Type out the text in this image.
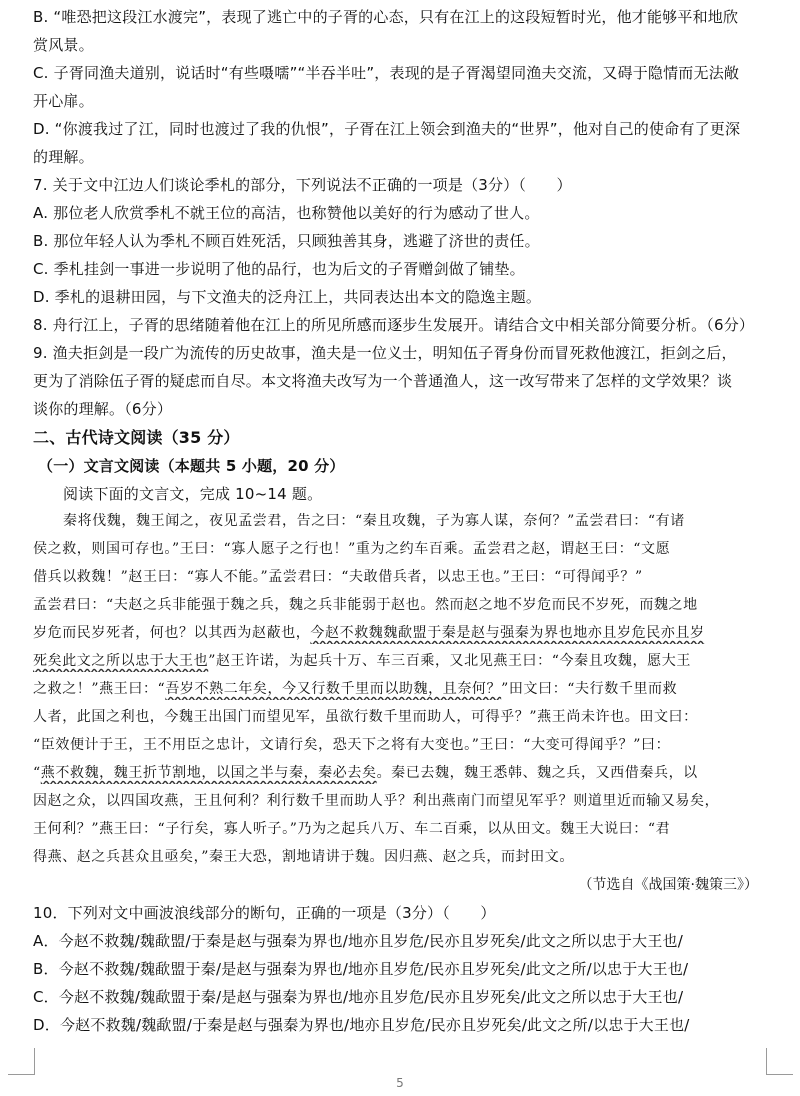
B. “唯恐把这段江水渡完”，表现了逃亡中的子胥的心态，只有在江上的这段短暂时光，他才能够平和地欣
赏风景。
C. 子胥同渔夫道别，说话时“有些嗫嚅”“半吞半吐”，表现的是子胥渴望同渔夫交流，又碍于隐情而无法敞
开心扉。
D. “你渡我过了江，同时也渡过了我的仇恨”，子胥在江上领会到渔夫的“世界”，他对自己的使命有了更深
的理解。
7. 关于文中江边人们谈论季札的部分，下列说法不正确的一项是（3分）（　　）
A. 那位老人欣赏季札不就王位的高洁，也称赞他以美好的行为感动了世人。
B. 那位年轻人认为季札不顾百姓死活，只顾独善其身，逃避了济世的责任。
C. 季札挂剑一事进一步说明了他的品行，也为后文的子胥赠剑做了铺垫。
D. 季札的退耕田园，与下文渔夫的泛舟江上，共同表达出本文的隐逸主题。
8. 舟行江上，子胥的思绪随着他在江上的所见所感而逐步生发展开。请结合文中相关部分简要分析。（6分）
9. 渔夫拒剑是一段广为流传的历史故事，渔夫是一位义士，明知伍子胥身份而冒死救他渡江，拒剑之后，
更为了消除伍子胥的疑虑而自尽。本文将渔夫改写为一个普通渔人，这一改写带来了怎样的文学效果？谈
谈你的理解。（6分）
二、古代诗文阅读（35 分）
（一）文言文阅读（本题共 5 小题，20 分）
阅读下面的文言文，完成 10~14 题。
秦将伐魏，魏王闻之，夜见孟尝君，告之曰：“秦且攻魏，子为寡人谋，奈何？”孟尝君曰：“有诸
侯之救，则国可存也。”王曰：“寡人愿子之行也！”重为之约车百乘。孟尝君之赵，谓赵王曰：“文愿
借兵以救魏！”赵王曰：“寡人不能。”孟尝君曰：“夫敢借兵者，以忠王也。”王曰：“可得闻乎？”
孟尝君曰：“夫赵之兵非能强于魏之兵，魏之兵非能弱于赵也。然而赵之地不岁危而民不岁死，而魏之地
岁危而民岁死者，何也？以其西为赵蔽也，今赵不救魏魏歃盟于秦是赵与强秦为界也地亦且岁危民亦且岁
死矣此文之所以忠于大王也”赵王许诺，为起兵十万、车三百乘，又北见燕王曰：“今秦且攻魏，愿大王
之救之！”燕王曰：“吾岁不熟二年矣，今又行数千里而以助魏，且奈何？”田文曰：“夫行数千里而救
人者，此国之利也，今魏王出国门而望见军，虽欲行数千里而助人，可得乎？”燕王尚未许也。田文曰：
“臣效便计于王，王不用臣之忠计，文请行矣，恐天下之将有大变也。”王曰：“大变可得闻乎？”曰：
“燕不救魏，魏王折节割地，以国之半与秦，秦必去矣。秦已去魏，魏王悉韩、魏之兵，又西借秦兵，以
因赵之众，以四国攻燕，王且何利？利行数千里而助人乎？利出燕南门而望见军乎？则道里近而输又易矣，
王何利？”燕王曰：“子行矣，寡人听子。”乃为之起兵八万、车二百乘，以从田文。魏王大说曰：“君
得燕、赵之兵甚众且亟矣，”秦王大恐，割地请讲于魏。因归燕、赵之兵，而封田文。
（节选自《战国策·魏策三》）
10．下列对文中画波浪线部分的断句，正确的一项是（3分）（　　）
A．今赵不救魏/魏歃盟/于秦是赵与强秦为界也/地亦且岁危/民亦且岁死矣/此文之所以忠于大王也/
B．今赵不救魏/魏歃盟于秦/是赵与强秦为界也/地亦且岁危/民亦且岁死矣/此文之所/以忠于大王也/
C．今赵不救魏/魏歃盟于秦/是赵与强秦为界也/地亦且岁危/民亦且岁死矣/此文之所以忠于大王也/
D．今赵不救魏/魏歃盟/于秦是赵与强秦为界也/地亦且岁危/民亦且岁死矣/此文之所/以忠于大王也/
5
